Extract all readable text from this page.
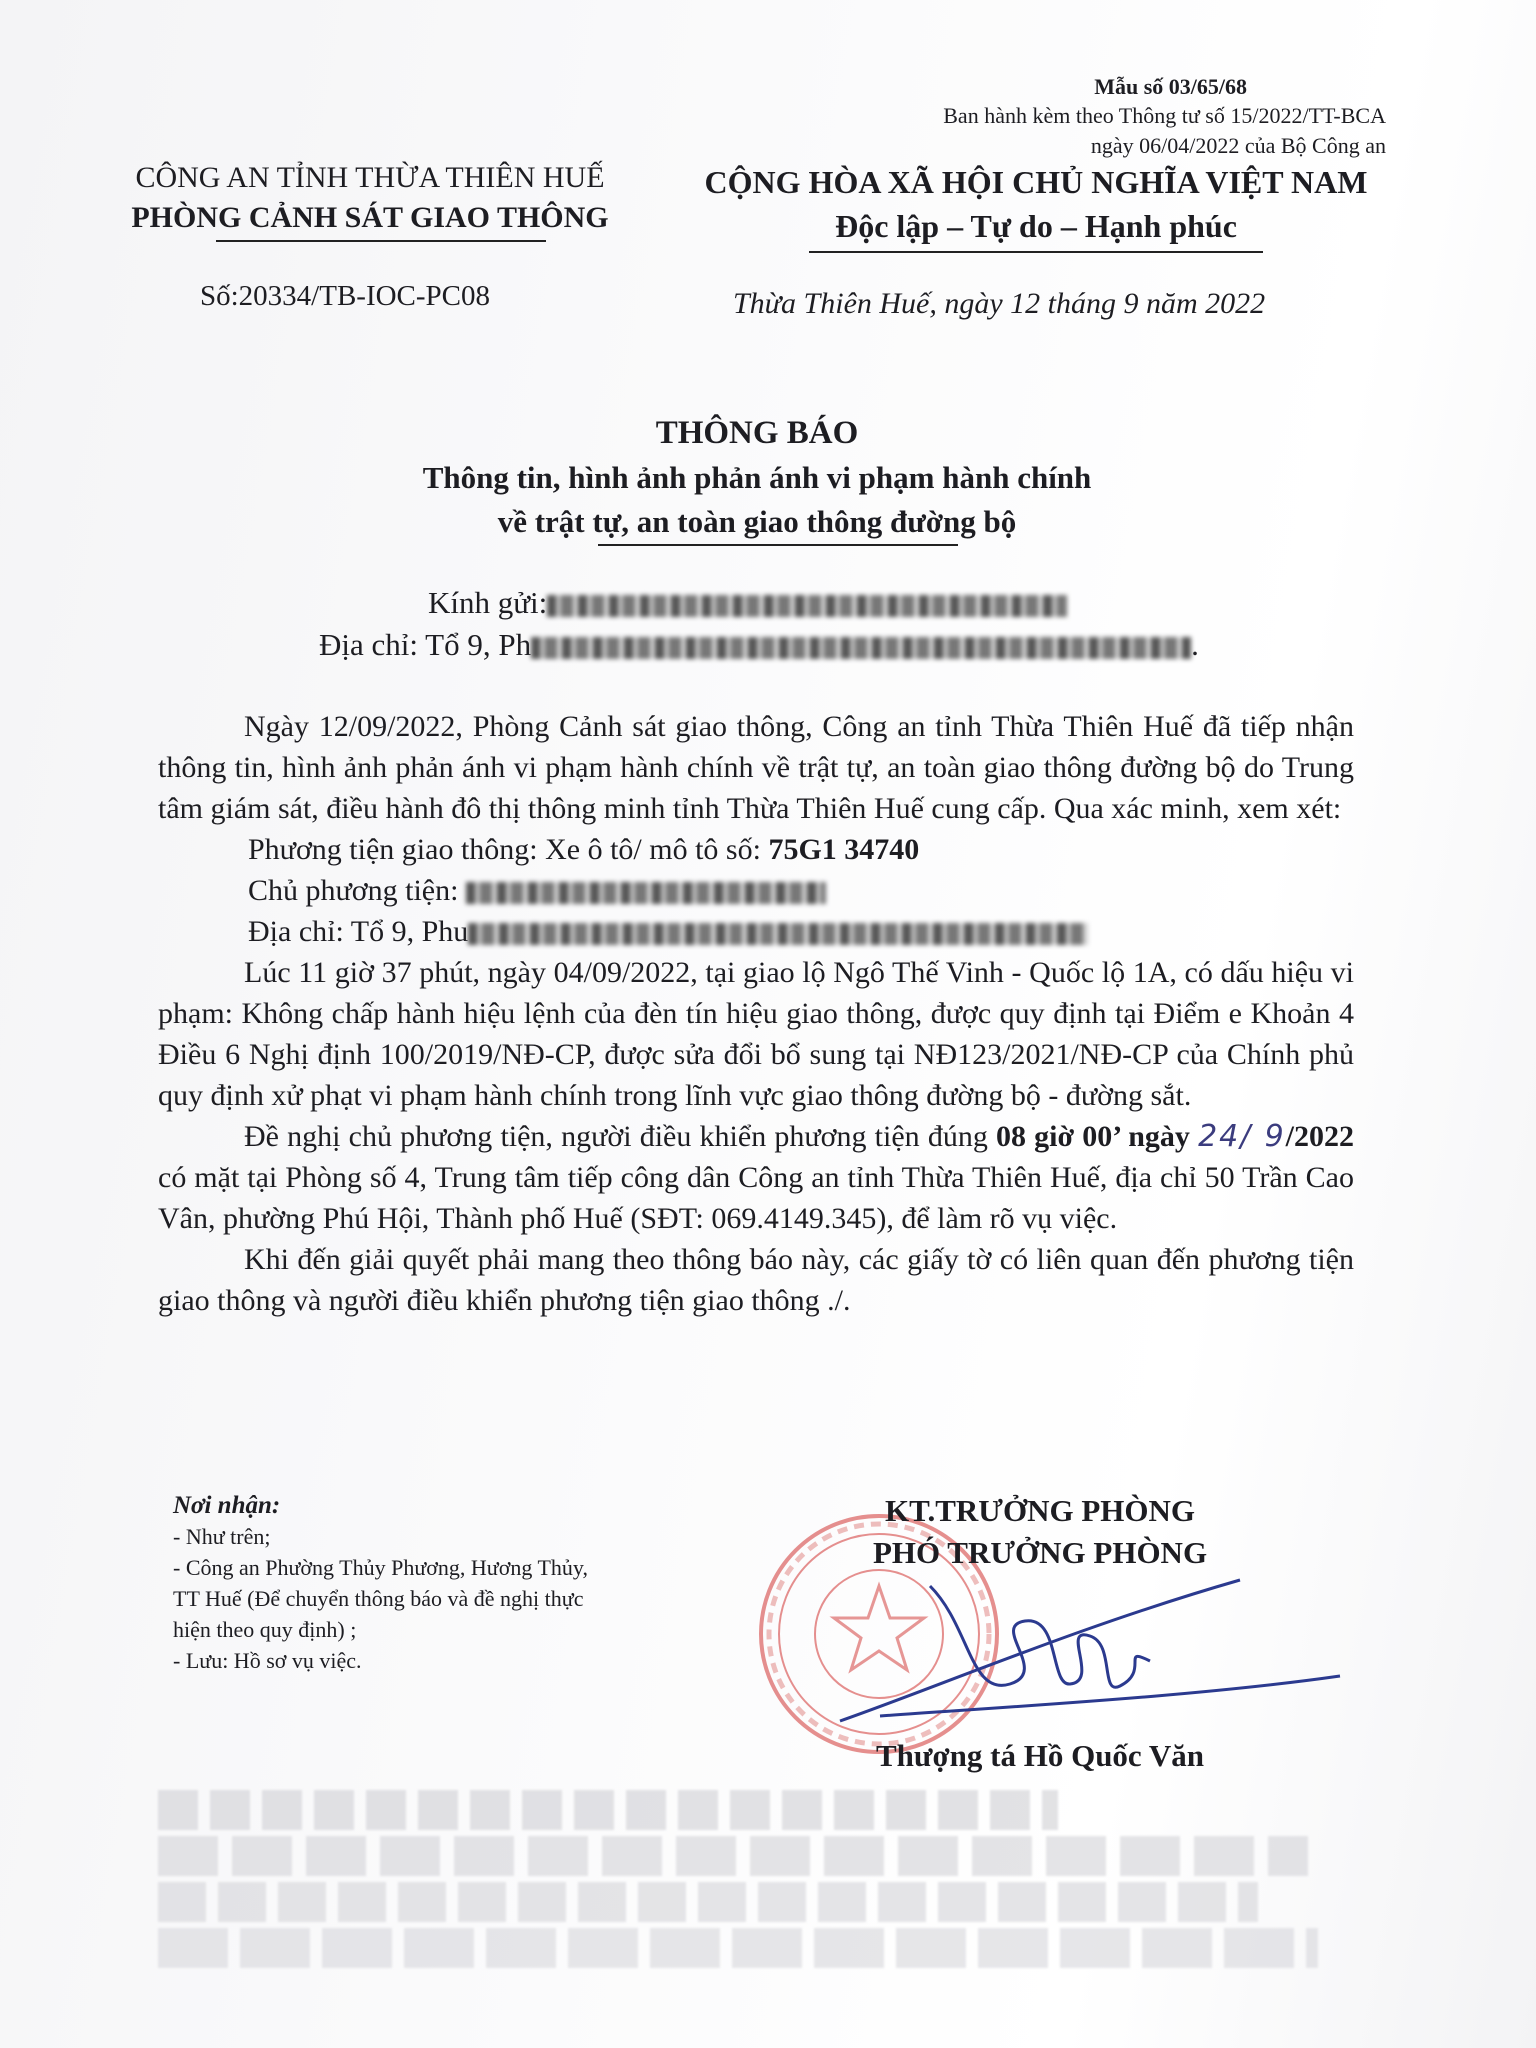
Mẫu số 03/65/68
Ban hành kèm theo Thông tư số 15/2022/TT-BCA
ngày 06/04/2022 của Bộ Công an
CÔNG AN TỈNH THỪA THIÊN HUẾ
PHÒNG CẢNH SÁT GIAO THÔNG
CỘNG HÒA XÃ HỘI CHỦ NGHĨA VIỆT NAM
Độc lập – Tự do – Hạnh phúc
Số:20334/TB-IOC-PC08	Thừa Thiên Huế, ngày 12 tháng 9 năm 2022
THÔNG BÁO
Thông tin, hình ảnh phản ánh vi phạm hành chính
về trật tự, an toàn giao thông đường bộ
Kính gửi:
Địa chỉ: Tổ 9, Ph	.

Ngày 12/09/2022, Phòng Cảnh sát giao thông, Công an tỉnh Thừa Thiên Huế đã tiếp nhận thông tin, hình ảnh phản ánh vi phạm hành chính về trật tự, an toàn giao thông đường bộ do Trung tâm giám sát, điều hành đô thị thông minh tỉnh Thừa Thiên Huế cung cấp. Qua xác minh, xem xét:

Phương tiện giao thông: Xe ô tô/ mô tô số: 75G1 34740
Chủ phương tiện:
Địa chỉ: Tổ 9, Phu

Lúc 11 giờ 37 phút, ngày 04/09/2022, tại giao lộ Ngô Thế Vinh - Quốc lộ 1A, có dấu hiệu vi phạm: Không chấp hành hiệu lệnh của đèn tín hiệu giao thông, được quy định tại Điểm e Khoản 4 Điều 6 Nghị định 100/2019/NĐ-CP, được sửa đổi bổ sung tại NĐ123/2021/NĐ-CP của Chính phủ quy định xử phạt vi phạm hành chính trong lĩnh vực giao thông đường bộ - đường sắt.

Đề nghị chủ phương tiện, người điều khiển phương tiện đúng 08 giờ 00’ ngày 24/ 9/2022 có mặt tại Phòng số 4, Trung tâm tiếp công dân Công an tỉnh Thừa Thiên Huế, địa chỉ 50 Trần Cao Vân, phường Phú Hội, Thành phố Huế (SĐT: 069.4149.345), để làm rõ vụ việc.

Khi đến giải quyết phải mang theo thông báo này, các giấy tờ có liên quan đến phương tiện giao thông và người điều khiển phương tiện giao thông ./.

Nơi nhận:
- Như trên;
- Công an Phường Thủy Phương, Hương Thủy,
TT Huế (Để chuyển thông báo và đề nghị thực
hiện theo quy định) ;
- Lưu: Hồ sơ vụ việc.
KT.TRƯỞNG PHÒNG
PHÓ TRƯỞNG PHÒNG
Thượng tá Hồ Quốc Văn
